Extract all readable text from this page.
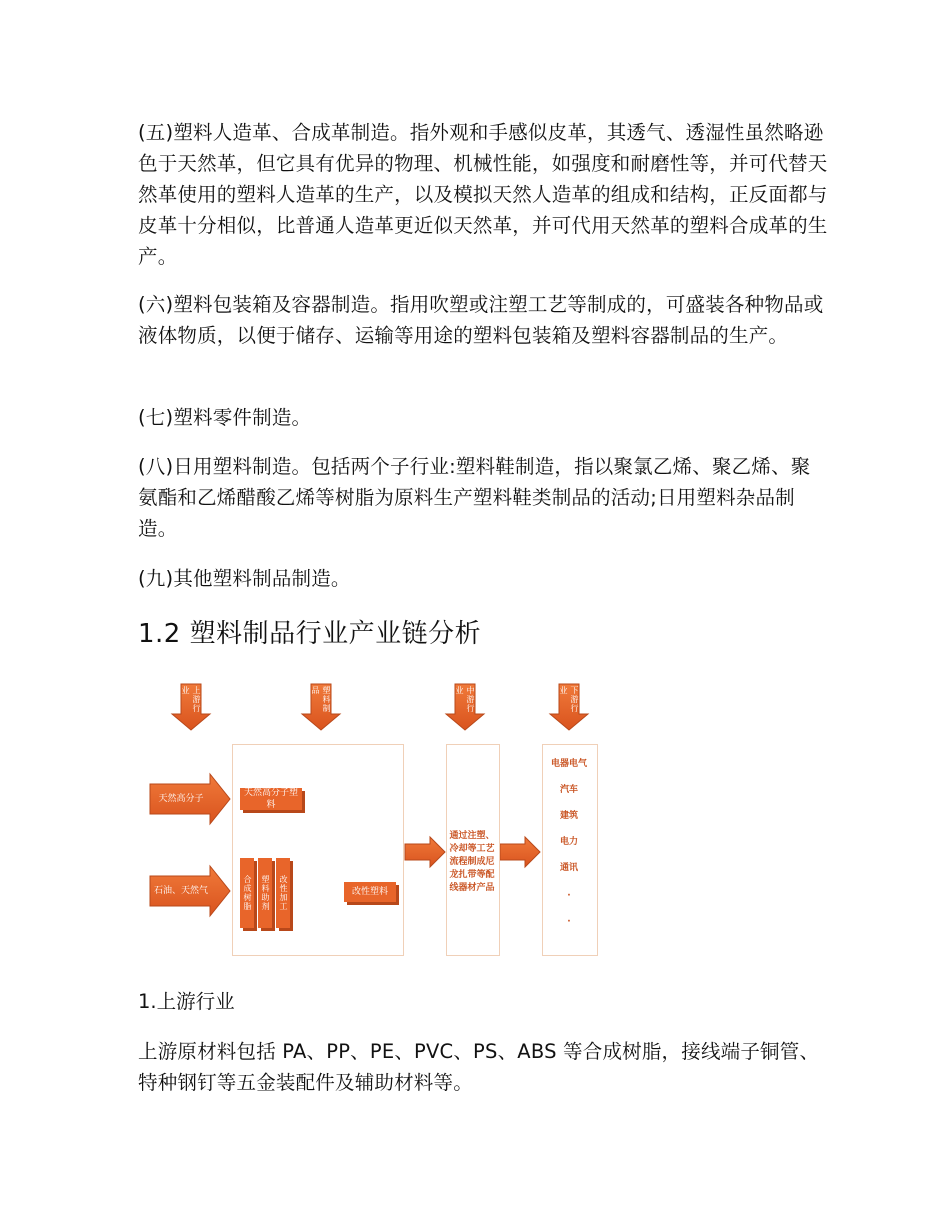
(五)塑料人造革、合成革制造。指外观和手感似皮革，其透气、透湿性虽然略逊色于天然革，但它具有优异的物理、机械性能，如强度和耐磨性等，并可代替天然革使用的塑料人造革的生产，以及模拟天然人造革的组成和结构，正反面都与皮革十分相似，比普通人造革更近似天然革，并可代用天然革的塑料合成革的生产。

(六)塑料包装箱及容器制造。指用吹塑或注塑工艺等制成的，可盛装各种物品或液体物质，以便于储存、运输等用途的塑料包装箱及塑料容器制品的生产。

(七)塑料零件制造。

(八)日用塑料制造。包括两个子行业:塑料鞋制造，指以聚氯乙烯、聚乙烯、聚氨酯和乙烯醋酸乙烯等树脂为原料生产塑料鞋类制品的活动;日用塑料杂品制造。

(九)其他塑料制品制造。

1.2 塑料制品行业产业链分析
上游行业	塑料制品	中游行业	下游行业
天然高分子
石油、天然气
天然高分子塑料
合成树脂 塑料助剂 改性加工	改性塑料
通过注塑、冷却等工艺流程制成尼龙扎带等配线器材产品
电器电气
汽车
建筑
电力
通讯
·
·

1.上游行业

上游原材料包括 PA、PP、PE、PVC、PS、ABS 等合成树脂，接线端子铜管、特种钢钉等五金装配件及辅助材料等。
